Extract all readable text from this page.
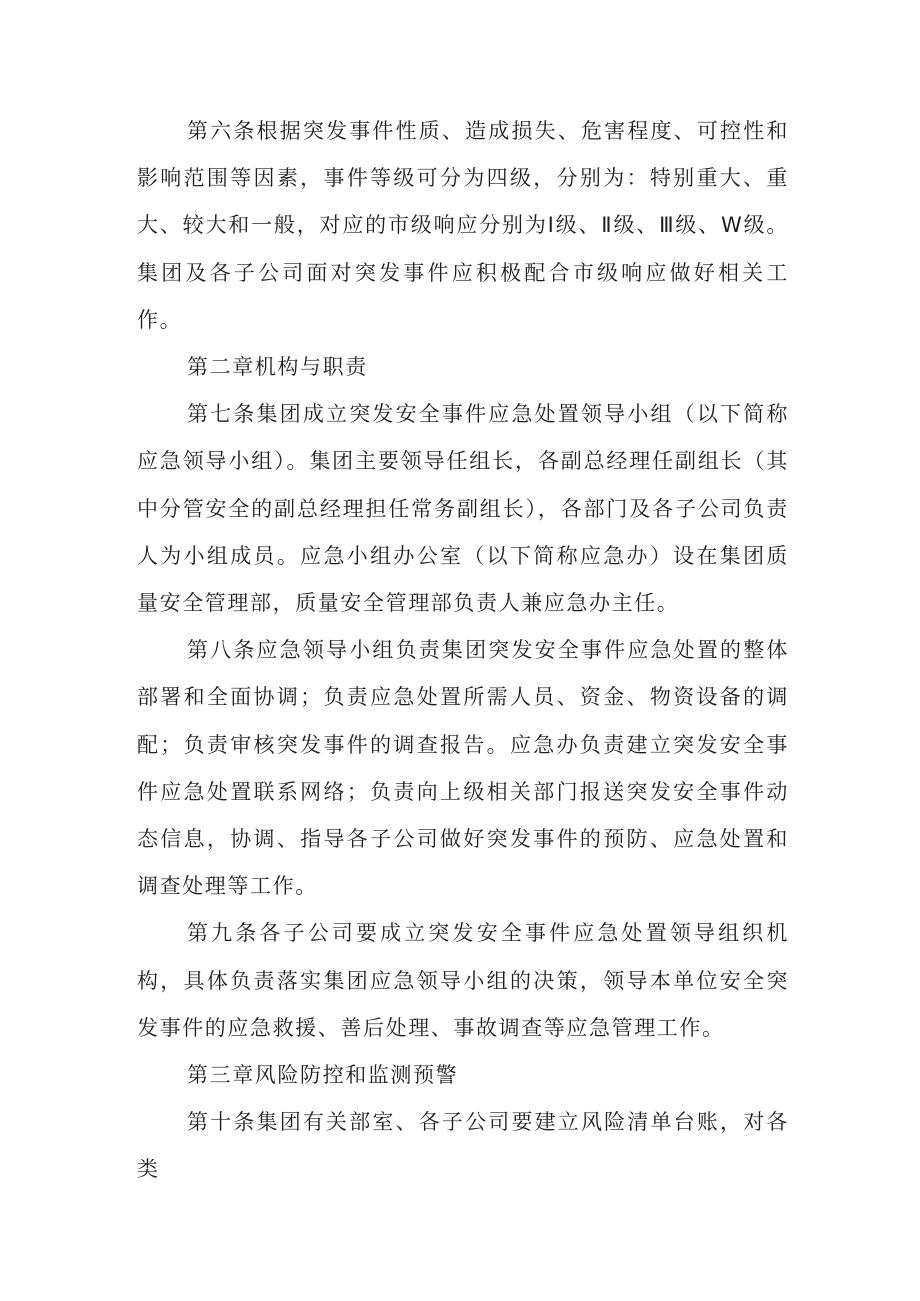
第六条根据突发事件性质、造成损失、危害程度、可控性和影响范围等因素，事件等级可分为四级，分别为：特别重大、重大、较大和一般，对应的市级响应分别为Ⅰ级、Ⅱ级、Ⅲ级、W级。集团及各子公司面对突发事件应积极配合市级响应做好相关工作。

第二章机构与职责

第七条集团成立突发安全事件应急处置领导小组（以下简称应急领导小组）。集团主要领导任组长，各副总经理任副组长（其中分管安全的副总经理担任常务副组长），各部门及各子公司负责人为小组成员。应急小组办公室（以下简称应急办）设在集团质量安全管理部，质量安全管理部负责人兼应急办主任。

第八条应急领导小组负责集团突发安全事件应急处置的整体部署和全面协调；负责应急处置所需人员、资金、物资设备的调配；负责审核突发事件的调查报告。应急办负责建立突发安全事件应急处置联系网络；负责向上级相关部门报送突发安全事件动态信息，协调、指导各子公司做好突发事件的预防、应急处置和调查处理等工作。

第九条各子公司要成立突发安全事件应急处置领导组织机构，具体负责落实集团应急领导小组的决策，领导本单位安全突发事件的应急救援、善后处理、事故调查等应急管理工作。

第三章风险防控和监测预警

第十条集团有关部室、各子公司要建立风险清单台账，对各类
